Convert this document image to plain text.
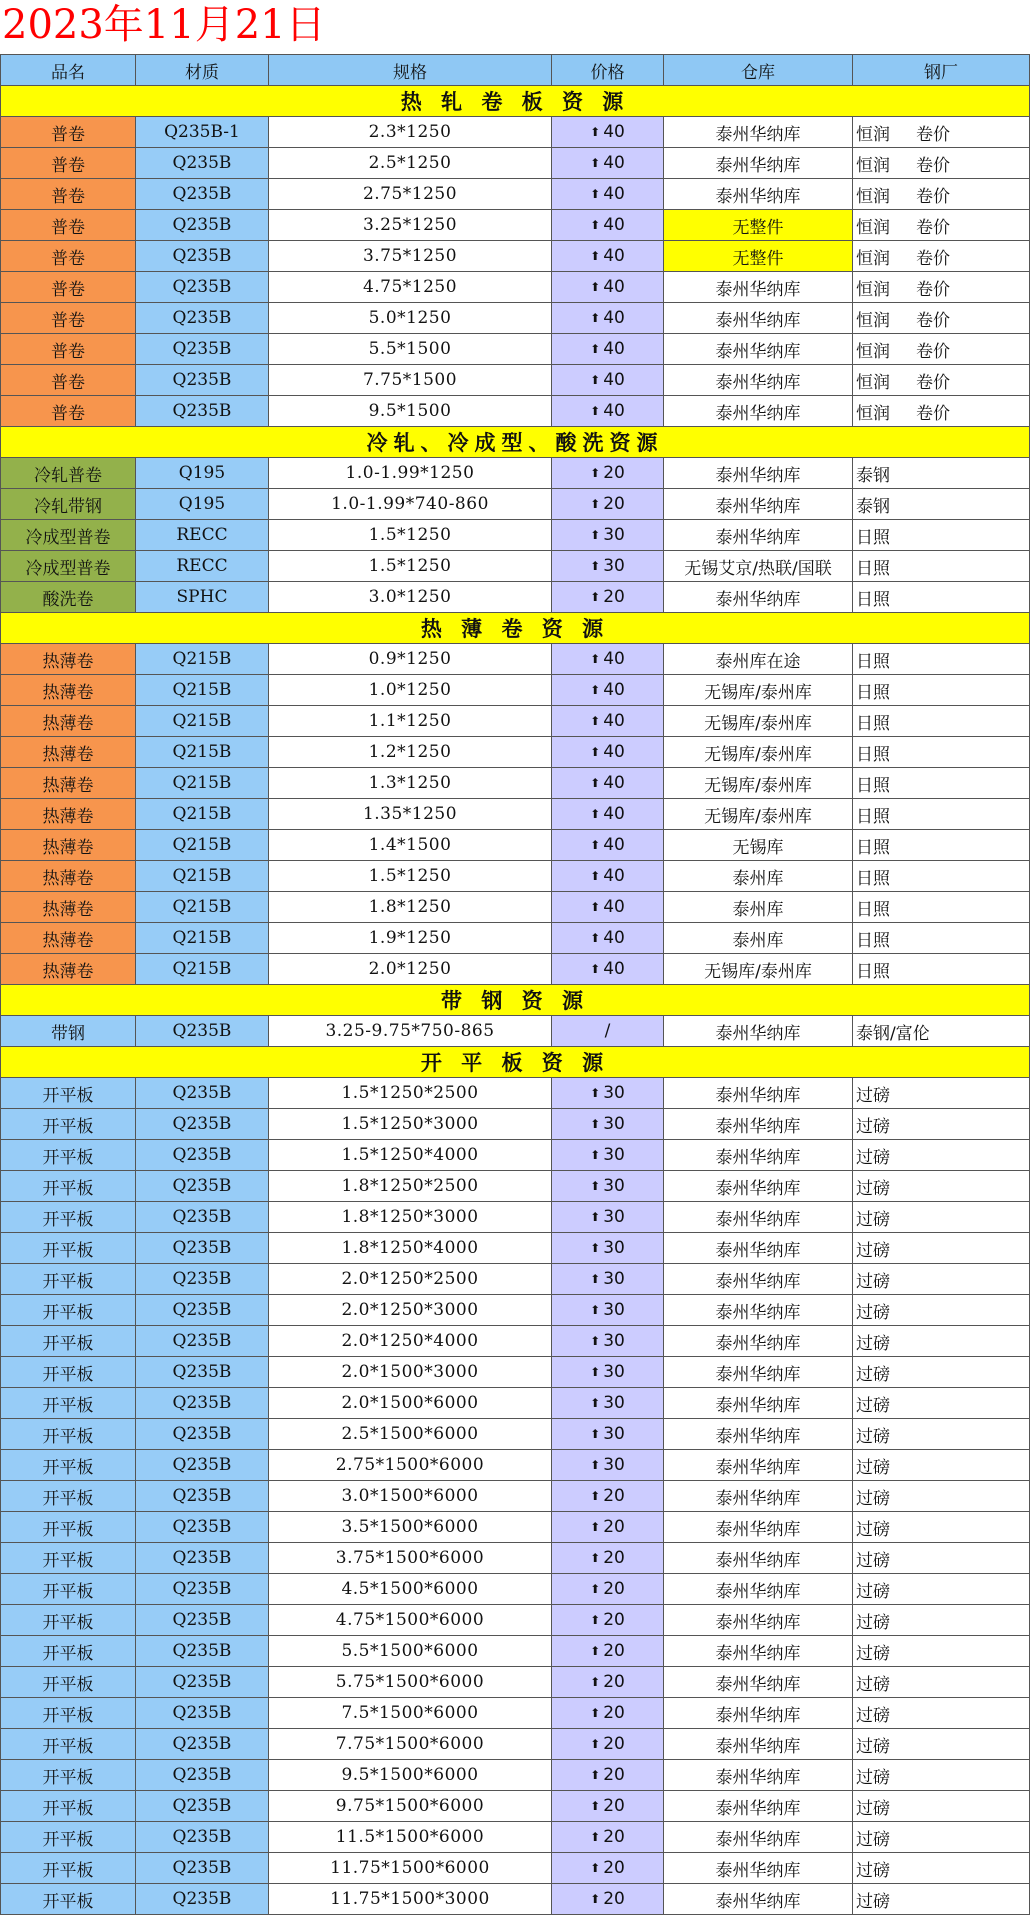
2023年11月21日
品名	材质	规格	价格	仓库	钢厂
热 轧 卷 板 资 源					
普卷	Q235B-1	2.3*1250	⬆ 40	泰州华纳库	恒润 卷价
普卷	Q235B	2.5*1250	⬆ 40	泰州华纳库	恒润 卷价
普卷	Q235B	2.75*1250	⬆ 40	泰州华纳库	恒润 卷价
普卷	Q235B	3.25*1250	⬆ 40	无整件	恒润 卷价
普卷	Q235B	3.75*1250	⬆ 40	无整件	恒润 卷价
普卷	Q235B	4.75*1250	⬆ 40	泰州华纳库	恒润 卷价
普卷	Q235B	5.0*1250	⬆ 40	泰州华纳库	恒润 卷价
普卷	Q235B	5.5*1500	⬆ 40	泰州华纳库	恒润 卷价
普卷	Q235B	7.75*1500	⬆ 40	泰州华纳库	恒润 卷价
普卷	Q235B	9.5*1500	⬆ 40	泰州华纳库	恒润 卷价
冷轧、冷成型、酸洗资源					
冷轧普卷	Q195	1.0-1.99*1250	⬆ 20	泰州华纳库	泰钢
冷轧带钢	Q195	1.0-1.99*740-860	⬆ 20	泰州华纳库	泰钢
冷成型普卷	RECC	1.5*1250	⬆ 30	泰州华纳库	日照
冷成型普卷	RECC	1.5*1250	⬆ 30	无锡艾京/热联/国联	日照
酸洗卷	SPHC	3.0*1250	⬆ 20	泰州华纳库	日照
热 薄 卷 资 源					
热薄卷	Q215B	0.9*1250	⬆ 40	泰州库在途	日照
热薄卷	Q215B	1.0*1250	⬆ 40	无锡库/泰州库	日照
热薄卷	Q215B	1.1*1250	⬆ 40	无锡库/泰州库	日照
热薄卷	Q215B	1.2*1250	⬆ 40	无锡库/泰州库	日照
热薄卷	Q215B	1.3*1250	⬆ 40	无锡库/泰州库	日照
热薄卷	Q215B	1.35*1250	⬆ 40	无锡库/泰州库	日照
热薄卷	Q215B	1.4*1500	⬆ 40	无锡库	日照
热薄卷	Q215B	1.5*1250	⬆ 40	泰州库	日照
热薄卷	Q215B	1.8*1250	⬆ 40	泰州库	日照
热薄卷	Q215B	1.9*1250	⬆ 40	泰州库	日照
热薄卷	Q215B	2.0*1250	⬆ 40	无锡库/泰州库	日照
带 钢 资 源					
带钢	Q235B	3.25-9.75*750-865	/	泰州华纳库	泰钢/富伦
开 平 板 资 源					
开平板	Q235B	1.5*1250*2500	⬆ 30	泰州华纳库	过磅
开平板	Q235B	1.5*1250*3000	⬆ 30	泰州华纳库	过磅
开平板	Q235B	1.5*1250*4000	⬆ 30	泰州华纳库	过磅
开平板	Q235B	1.8*1250*2500	⬆ 30	泰州华纳库	过磅
开平板	Q235B	1.8*1250*3000	⬆ 30	泰州华纳库	过磅
开平板	Q235B	1.8*1250*4000	⬆ 30	泰州华纳库	过磅
开平板	Q235B	2.0*1250*2500	⬆ 30	泰州华纳库	过磅
开平板	Q235B	2.0*1250*3000	⬆ 30	泰州华纳库	过磅
开平板	Q235B	2.0*1250*4000	⬆ 30	泰州华纳库	过磅
开平板	Q235B	2.0*1500*3000	⬆ 30	泰州华纳库	过磅
开平板	Q235B	2.0*1500*6000	⬆ 30	泰州华纳库	过磅
开平板	Q235B	2.5*1500*6000	⬆ 30	泰州华纳库	过磅
开平板	Q235B	2.75*1500*6000	⬆ 30	泰州华纳库	过磅
开平板	Q235B	3.0*1500*6000	⬆ 20	泰州华纳库	过磅
开平板	Q235B	3.5*1500*6000	⬆ 20	泰州华纳库	过磅
开平板	Q235B	3.75*1500*6000	⬆ 20	泰州华纳库	过磅
开平板	Q235B	4.5*1500*6000	⬆ 20	泰州华纳库	过磅
开平板	Q235B	4.75*1500*6000	⬆ 20	泰州华纳库	过磅
开平板	Q235B	5.5*1500*6000	⬆ 20	泰州华纳库	过磅
开平板	Q235B	5.75*1500*6000	⬆ 20	泰州华纳库	过磅
开平板	Q235B	7.5*1500*6000	⬆ 20	泰州华纳库	过磅
开平板	Q235B	7.75*1500*6000	⬆ 20	泰州华纳库	过磅
开平板	Q235B	9.5*1500*6000	⬆ 20	泰州华纳库	过磅
开平板	Q235B	9.75*1500*6000	⬆ 20	泰州华纳库	过磅
开平板	Q235B	11.5*1500*6000	⬆ 20	泰州华纳库	过磅
开平板	Q235B	11.75*1500*6000	⬆ 20	泰州华纳库	过磅
开平板	Q235B	11.75*1500*3000	⬆ 20	泰州华纳库	过磅
